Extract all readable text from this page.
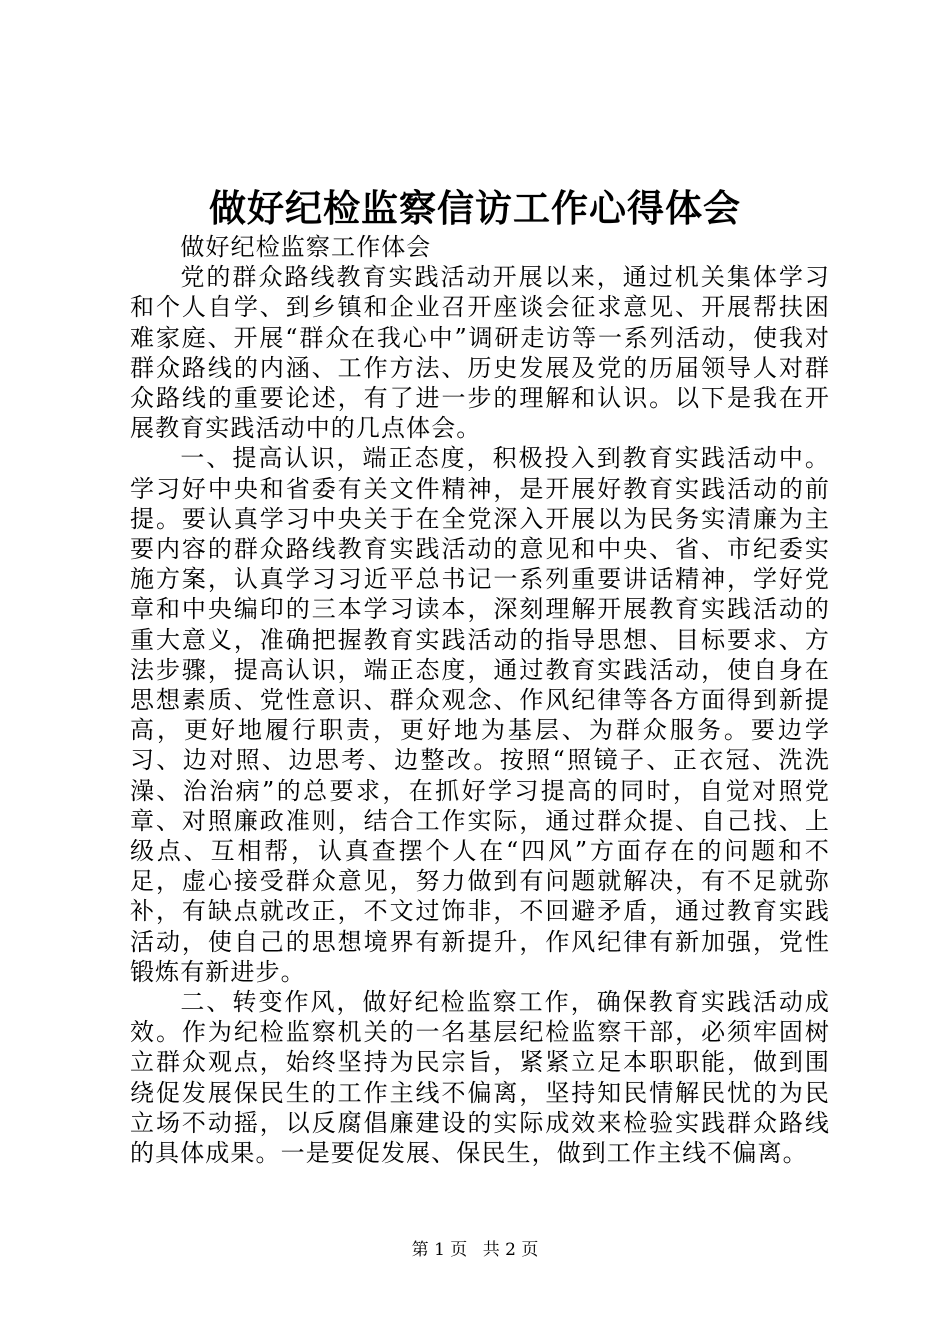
做好纪检监察信访工作心得体会

做好纪检监察工作体会

党的群众路线教育实践活动开展以来，通过机关集体学习和个人自学、到乡镇和企业召开座谈会征求意见、开展帮扶困难家庭、开展“群众在我心中”调研走访等一系列活动，使我对群众路线的内涵、工作方法、历史发展及党的历届领导人对群众路线的重要论述，有了进一步的理解和认识。以下是我在开展教育实践活动中的几点体会。

一、提高认识，端正态度，积极投入到教育实践活动中。学习好中央和省委有关文件精神，是开展好教育实践活动的前提。要认真学习中央关于在全党深入开展以为民务实清廉为主要内容的群众路线教育实践活动的意见和中央、省、市纪委实施方案，认真学习习近平总书记一系列重要讲话精神，学好党章和中央编印的三本学习读本，深刻理解开展教育实践活动的重大意义，准确把握教育实践活动的指导思想、目标要求、方法步骤，提高认识，端正态度，通过教育实践活动，使自身在思想素质、党性意识、群众观念、作风纪律等各方面得到新提高，更好地履行职责，更好地为基层、为群众服务。要边学习、边对照、边思考、边整改。按照“照镜子、正衣冠、洗洗澡、治治病”的总要求，在抓好学习提高的同时，自觉对照党章、对照廉政准则，结合工作实际，通过群众提、自己找、上级点、互相帮，认真查摆个人在“四风”方面存在的问题和不足，虚心接受群众意见，努力做到有问题就解决，有不足就弥补，有缺点就改正，不文过饰非，不回避矛盾，通过教育实践活动，使自己的思想境界有新提升，作风纪律有新加强，党性锻炼有新进步。

二、转变作风，做好纪检监察工作，确保教育实践活动成效。作为纪检监察机关的一名基层纪检监察干部，必须牢固树立群众观点，始终坚持为民宗旨，紧紧立足本职职能，做到围绕促发展保民生的工作主线不偏离，坚持知民情解民忧的为民立场不动摇，以反腐倡廉建设的实际成效来检验实践群众路线的具体成果。一是要促发展、保民生，做到工作主线不偏离。

第 1 页 共 2 页
